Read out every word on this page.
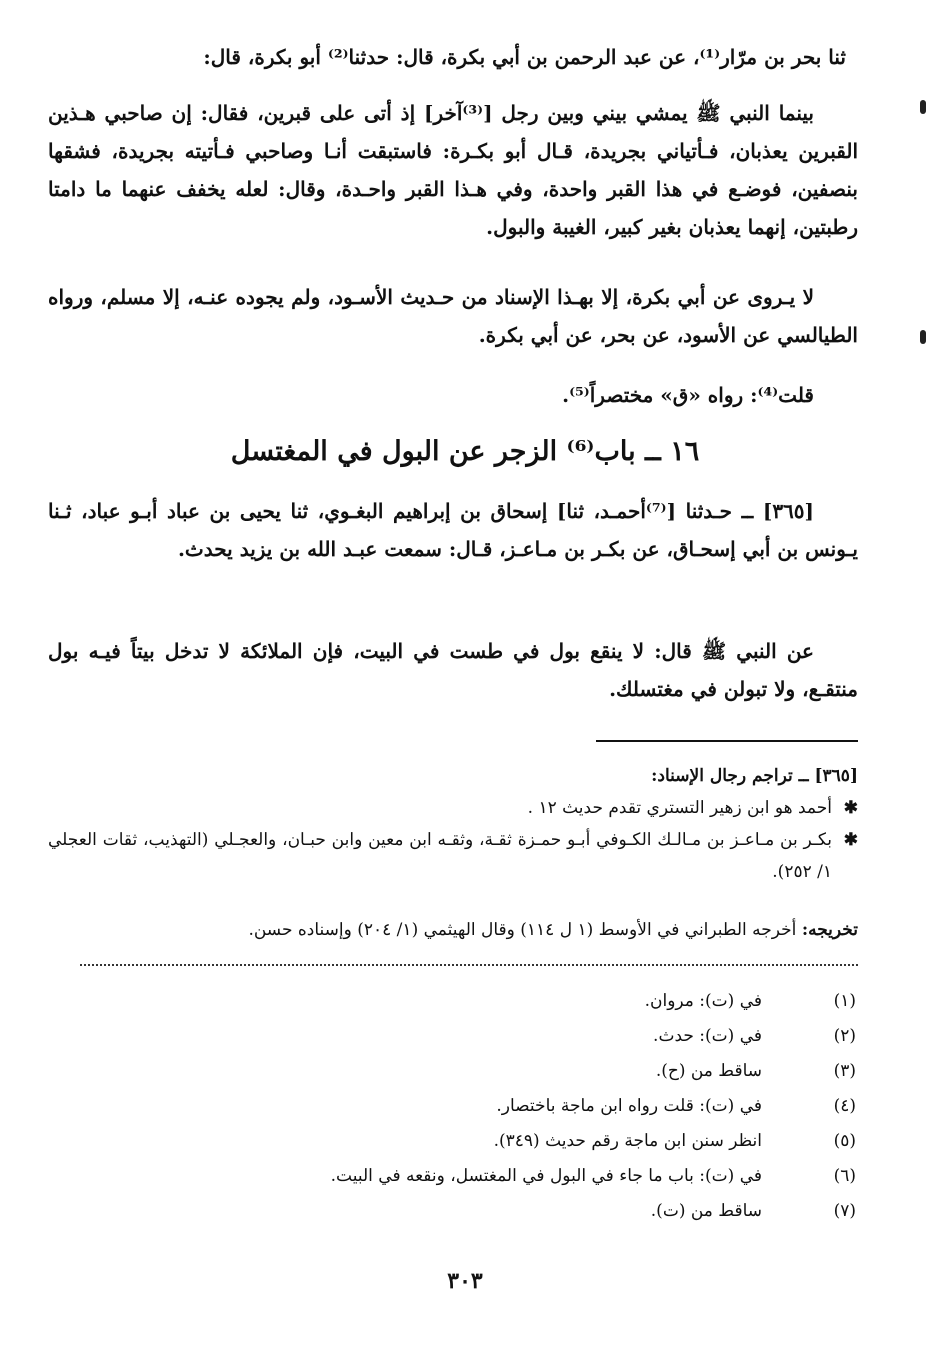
ثنا بحر بن مرّار⁽¹⁾، عن عبد الرحمن بن أبي بكرة، قال: حدثنا⁽²⁾ أبو بكرة، قال:

بينما النبي ﷺ يمشي بيني وبين رجل [⁽³⁾آخر] إذ أتى على قبرين، فقال: إن صاحبي هـذين القبرين يعذبان، فـأتياني بجريدة، قـال أبو بكـرة: فاستبقت أنـا وصاحبي فـأتيته بجريدة، فشقها بنصفين، فوضـع في هذا القبر واحدة، وفي هـذا القبر واحـدة، وقال: لعله يخفف عنهما ما دامتا رطبتين، إنهما يعذبان بغير كبير، الغيبة والبول.

لا يـروى عن أبي بكرة، إلا بهـذا الإسناد من حـديث الأسـود، ولم يجوده عنـه، إلا مسلم، ورواه الطيالسي عن الأسود، عن بحر، عن أبي بكرة.

قلت⁽⁴⁾: رواه «ق» مختصراً⁽⁵⁾.

١٦ ــ باب⁽⁶⁾ الزجر عن البول في المغتسل

[٣٦٥] ــ حـدثنا [⁽⁷⁾أحمـد، ثنا] إسحاق بن إبراهيم البغـوي، ثنا يحيى بن عباد أبـو عباد، ثـنا يـونس بن أبي إسحـاق، عن بكـر بن مـاعـز، قـال: سمعت عبـد الله بن يزيد يحدث.

عن النبي ﷺ قال: لا ينقع بول في طست في البيت، فإن الملائكة لا تدخل بيتاً فيـه بول منتقـع، ولا تبولن في مغتسلك.

[٣٦٥] ــ تراجم رجال الإسناد:
✱
أحمد هو ابن زهير التستري تقدم حديث ١٢ .
✱
بكـر بن مـاعـز بن مـالـك الكـوفي أبـو حمـزة ثقـة، وثقـه ابن معين وابن حبـان، والعجـلي (التهذيب، ثقات العجلي ١/ ٢٥٢).
تخريجه: أخرجه الطبراني في الأوسط (١ ل ١١٤) وقال الهيثمي (١/ ٢٠٤) وإسناده حسن.
(١)
في (ت): مروان.
(٢)
في (ت): حدث.
(٣)
ساقط من (ح).
(٤)
في (ت): قلت رواه ابن ماجة باختصار.
(٥)
انظر سنن ابن ماجة رقم حديث (٣٤٩).
(٦)
في (ت): باب ما جاء في البول في المغتسل، ونقعه في البيت.
(٧)
ساقط من (ت).
٣٠٣
